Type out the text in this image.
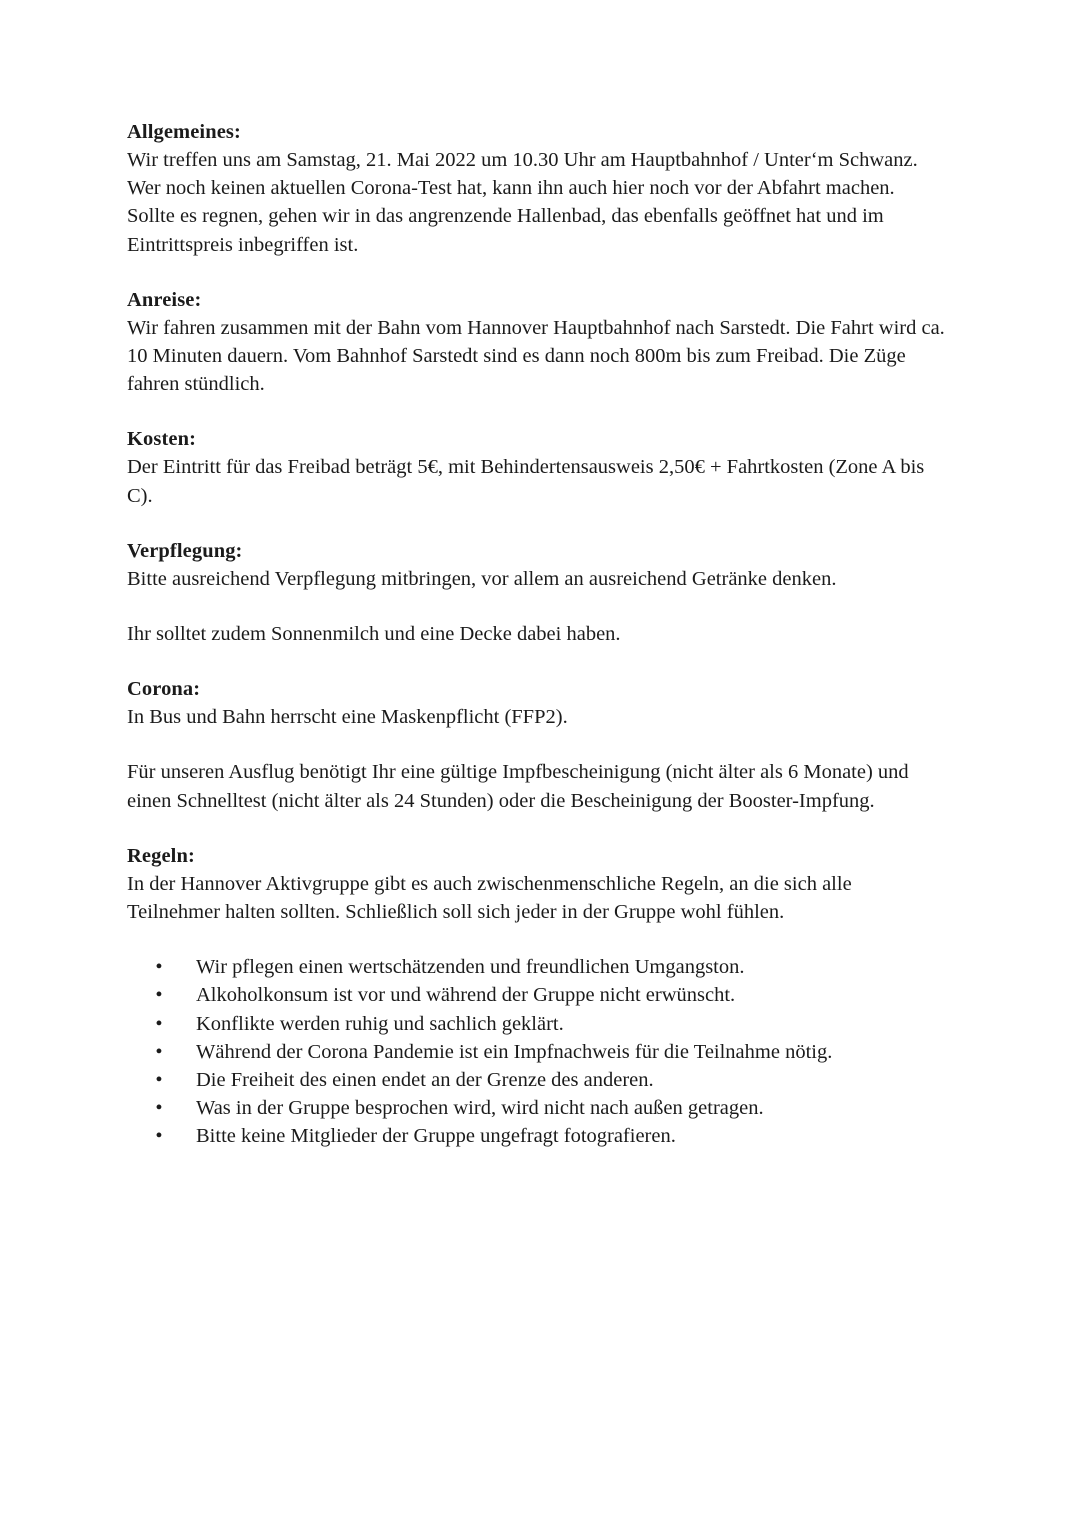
Allgemeines:

Wir treffen uns am Samstag, 21. Mai 2022 um 10.30 Uhr am Hauptbahnhof / Unter‘m Schwanz. Wer noch keinen aktuellen Corona-Test hat, kann ihn auch hier noch vor der Abfahrt machen. Sollte es regnen, gehen wir in das angrenzende Hallenbad, das ebenfalls geöffnet hat und im Eintrittspreis inbegriffen ist.

Anreise:

Wir fahren zusammen mit der Bahn vom Hannover Hauptbahnhof nach Sarstedt. Die Fahrt wird ca. 10 Minuten dauern. Vom Bahnhof Sarstedt sind es dann noch 800m bis zum Freibad. Die Züge fahren stündlich.

Kosten:

Der Eintritt für das Freibad beträgt 5€, mit Behindertensausweis 2,50€ + Fahrtkosten (Zone A bis C).

Verpflegung:

Bitte ausreichend Verpflegung mitbringen, vor allem an ausreichend Getränke denken.

Ihr solltet zudem Sonnenmilch und eine Decke dabei haben.

Corona:

In Bus und Bahn herrscht eine Maskenpflicht (FFP2).

Für unseren Ausflug benötigt Ihr eine gültige Impfbescheinigung (nicht älter als 6 Monate) und einen Schnelltest (nicht älter als 24 Stunden) oder die Bescheinigung der Booster-Impfung.

Regeln:

In der Hannover Aktivgruppe gibt es auch zwischenmenschliche Regeln, an die sich alle Teilnehmer halten sollten. Schließlich soll sich jeder in der Gruppe wohl fühlen.

• Wir pflegen einen wertschätzenden und freundlichen Umgangston.
• Alkoholkonsum ist vor und während der Gruppe nicht erwünscht.
• Konflikte werden ruhig und sachlich geklärt.
• Während der Corona Pandemie ist ein Impfnachweis für die Teilnahme nötig.
• Die Freiheit des einen endet an der Grenze des anderen.
• Was in der Gruppe besprochen wird, wird nicht nach außen getragen.
• Bitte keine Mitglieder der Gruppe ungefragt fotografieren.
